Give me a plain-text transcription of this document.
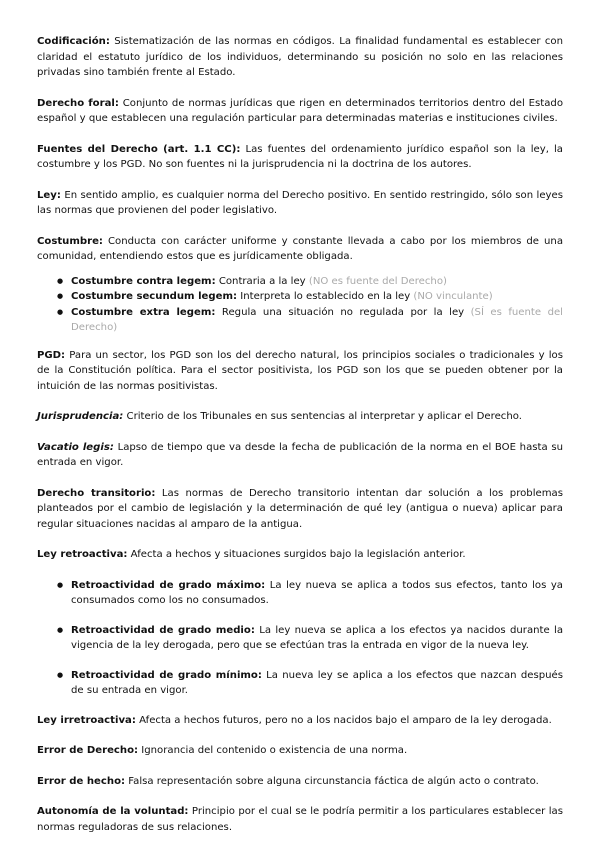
Codificación: Sistematización de las normas en códigos. La finalidad fundamental es establecer con claridad el estatuto jurídico de los individuos, determinando su posición no solo en las relaciones privadas sino también frente al Estado.

Derecho foral: Conjunto de normas jurídicas que rigen en determinados territorios dentro del Estado español y que establecen una regulación particular para determinadas materias e instituciones civiles.

Fuentes del Derecho (art. 1.1 CC): Las fuentes del ordenamiento jurídico español son la ley, la costumbre y los PGD. No son fuentes ni la jurisprudencia ni la doctrina de los autores.

Ley: En sentido amplio, es cualquier norma del Derecho positivo. En sentido restringido, sólo son leyes las normas que provienen del poder legislativo.

Costumbre: Conducta con carácter uniforme y constante llevada a cabo por los miembros de una comunidad, entendiendo estos que es jurídicamente obligada.

● Costumbre contra legem: Contraria a la ley (NO es fuente del Derecho)
● Costumbre secundum legem: Interpreta lo establecido en la ley (NO vinculante)
● Costumbre extra legem: Regula una situación no regulada por la ley (SÍ es fuente del Derecho)

PGD: Para un sector, los PGD son los del derecho natural, los principios sociales o tradicionales y los de la Constitución política. Para el sector positivista, los PGD son los que se pueden obtener por la intuición de las normas positivistas.

Jurisprudencia: Criterio de los Tribunales en sus sentencias al interpretar y aplicar el Derecho.

Vacatio legis: Lapso de tiempo que va desde la fecha de publicación de la norma en el BOE hasta su entrada en vigor.

Derecho transitorio: Las normas de Derecho transitorio intentan dar solución a los problemas planteados por el cambio de legislación y la determinación de qué ley (antigua o nueva) aplicar para regular situaciones nacidas al amparo de la antigua.

Ley retroactiva: Afecta a hechos y situaciones surgidos bajo la legislación anterior.

● Retroactividad de grado máximo: La ley nueva se aplica a todos sus efectos, tanto los ya consumados como los no consumados.
● Retroactividad de grado medio: La ley nueva se aplica a los efectos ya nacidos durante la vigencia de la ley derogada, pero que se efectúan tras la entrada en vigor de la nueva ley.
● Retroactividad de grado mínimo: La nueva ley se aplica a los efectos que nazcan después de su entrada en vigor.

Ley irretroactiva: Afecta a hechos futuros, pero no a los nacidos bajo el amparo de la ley derogada.

Error de Derecho: Ignorancia del contenido o existencia de una norma.

Error de hecho: Falsa representación sobre alguna circunstancia fáctica de algún acto o contrato.

Autonomía de la voluntad: Principio por el cual se le podría permitir a los particulares establecer las normas reguladoras de sus relaciones.
